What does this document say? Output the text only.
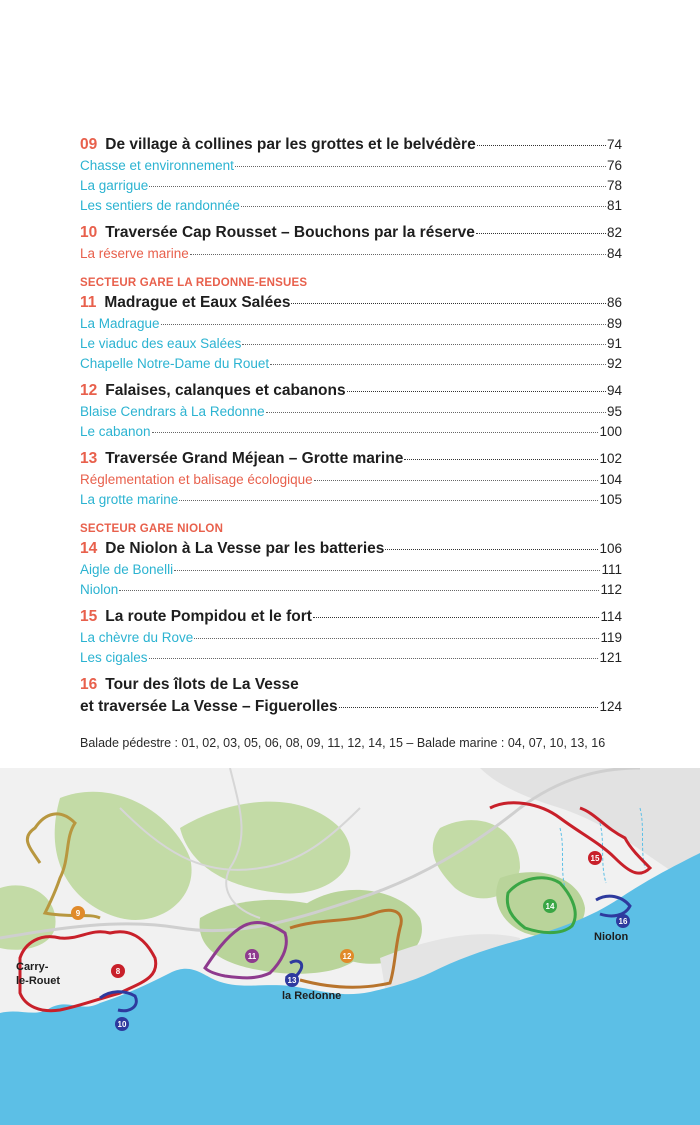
09 De village à collines par les grottes et le belvédère	74
Chasse et environnement	76
La garrigue	78
Les sentiers de randonnée	81
10 Traversée Cap Rousset – Bouchons par la réserve	82
La réserve marine	84
SECTEUR GARE LA REDONNE-ENSUES
11 Madrague et Eaux Salées	86
La Madrague	89
Le viaduc des eaux Salées	91
Chapelle Notre-Dame du Rouet	92
12 Falaises, calanques et cabanons	94
Blaise Cendrars à La Redonne	95
Le cabanon	100
13 Traversée Grand Méjean – Grotte marine	102
Réglementation et balisage écologique	104
La grotte marine	105
SECTEUR GARE NIOLON
14 De Niolon à La Vesse par les batteries	106
Aigle de Bonelli	111
Niolon	112
15 La route Pompidou et le fort	114
La chèvre du Rove	119
Les cigales	121
16 Tour des îlots de La Vesse
et traversée La Vesse – Figuerolles	124
Balade pédestre : 01, 02, 03, 05, 06, 08, 09, 11, 12, 14, 15 – Balade marine : 04, 07, 10, 13, 16
9
8
10
11	12
13
14
15
16
Carry-
le-Rouet
la Redonne
Niolon
